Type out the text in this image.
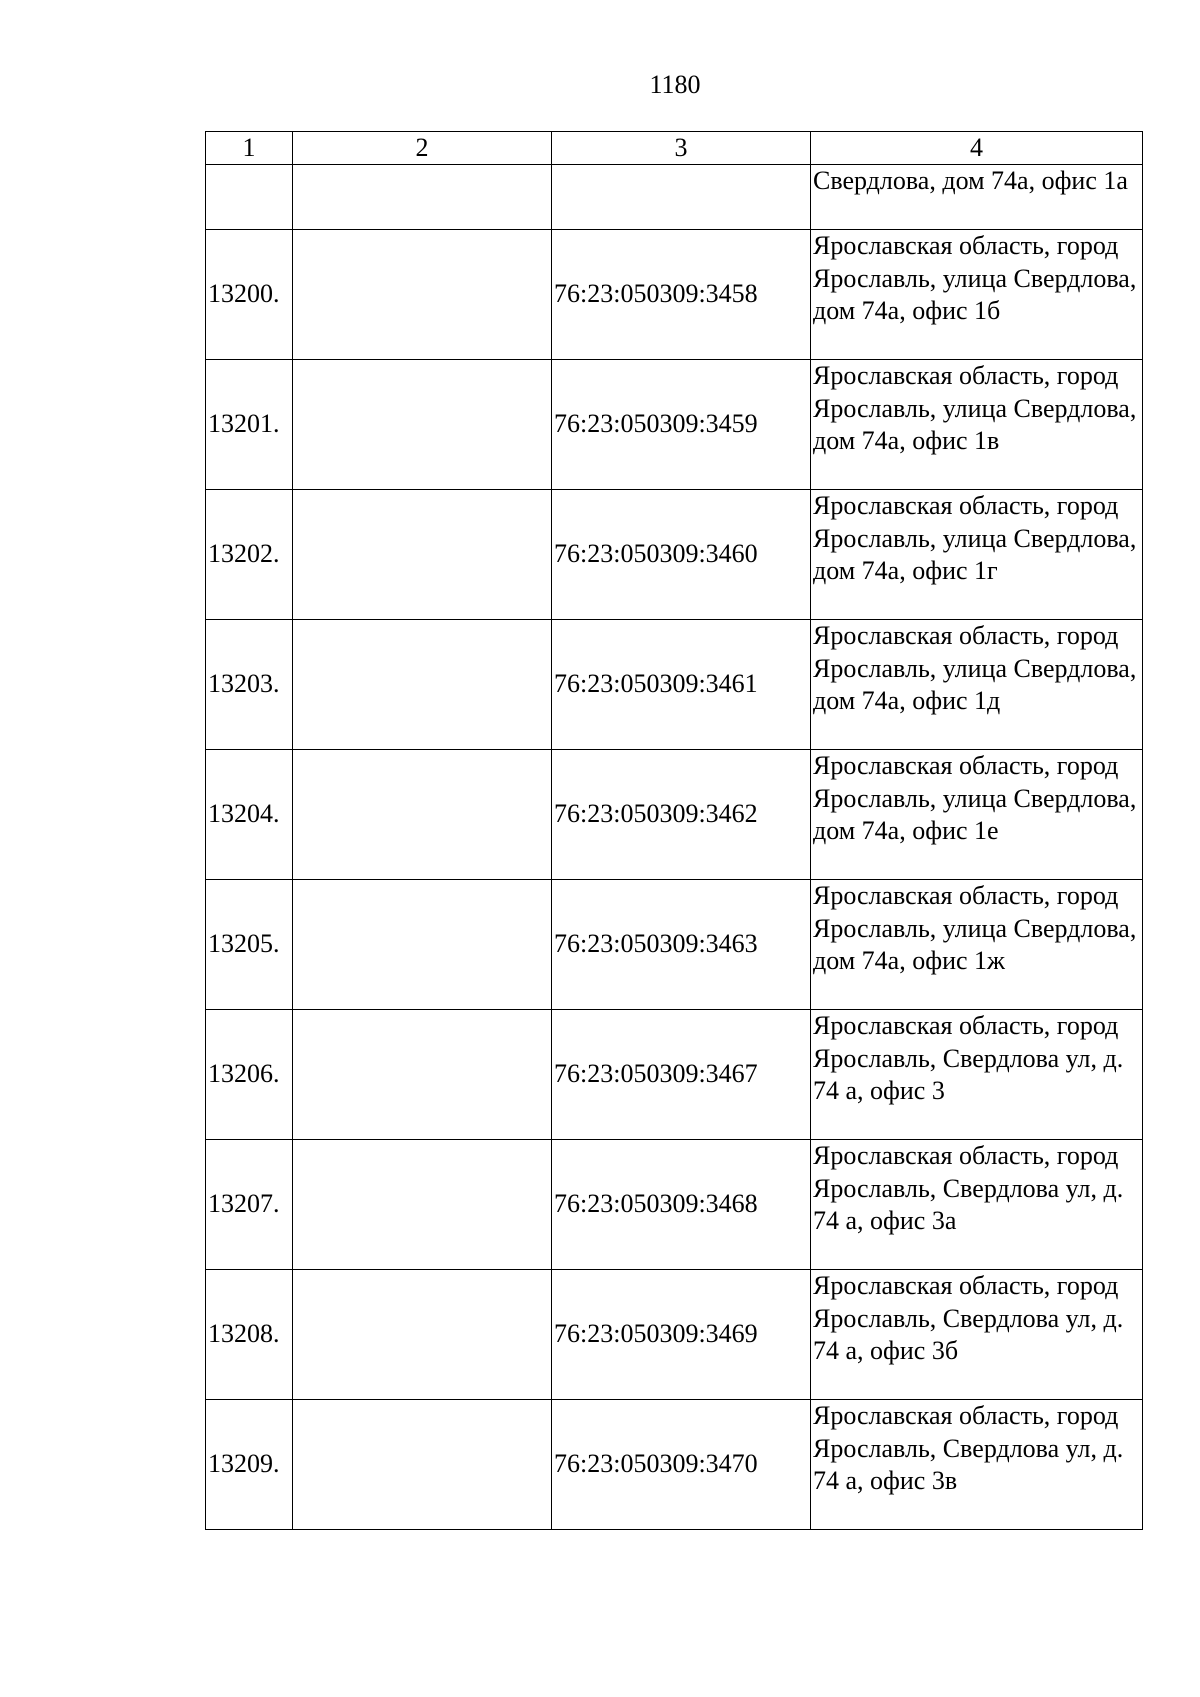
1180
1	2	3	4
			Свердлова, дом 74а, офис 1а
13200.		76:23:050309:3458	Ярославская область, город Ярославль, улица Свердлова, дом 74а, офис 1б
13201.		76:23:050309:3459	Ярославская область, город Ярославль, улица Свердлова, дом 74а, офис 1в
13202.		76:23:050309:3460	Ярославская область, город Ярославль, улица Свердлова, дом 74а, офис 1г
13203.		76:23:050309:3461	Ярославская область, город Ярославль, улица Свердлова, дом 74а, офис 1д
13204.		76:23:050309:3462	Ярославская область, город Ярославль, улица Свердлова, дом 74а, офис 1е
13205.		76:23:050309:3463	Ярославская область, город Ярославль, улица Свердлова, дом 74а, офис 1ж
13206.		76:23:050309:3467	Ярославская область, город Ярославль, Свердлова ул, д. 74 а, офис 3
13207.		76:23:050309:3468	Ярославская область, город Ярославль, Свердлова ул, д. 74 а, офис 3а
13208.		76:23:050309:3469	Ярославская область, город Ярославль, Свердлова ул, д. 74 а, офис 3б
13209.		76:23:050309:3470	Ярославская область, город Ярославль, Свердлова ул, д. 74 а, офис 3в
